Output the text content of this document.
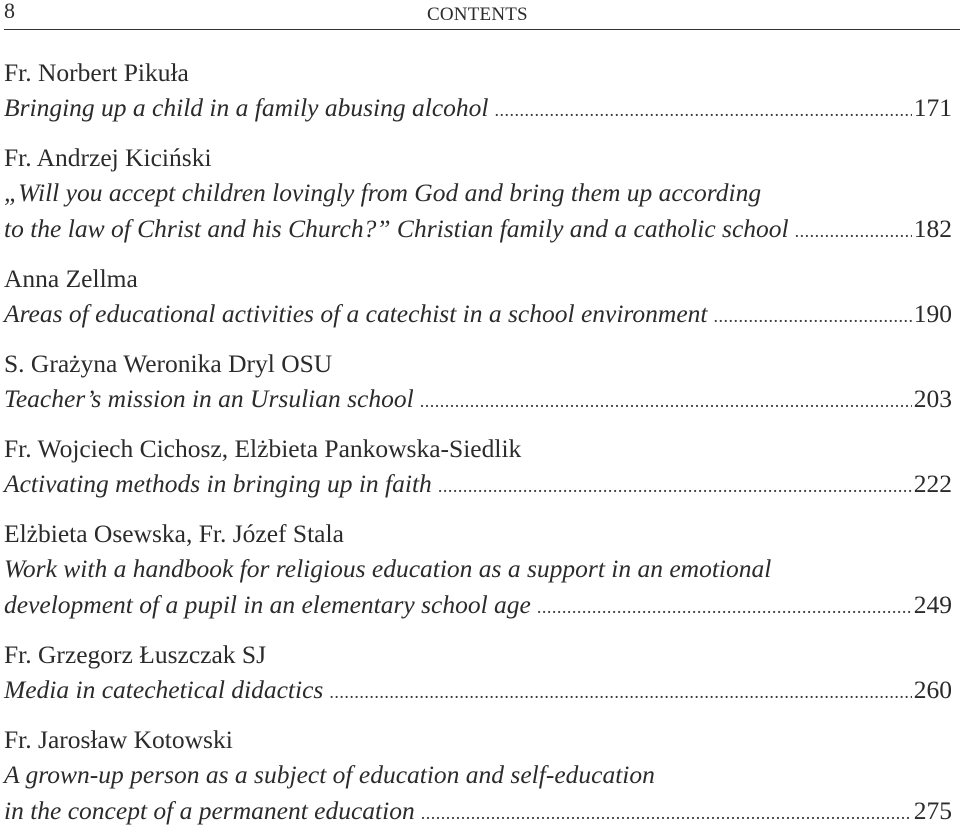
8	CONTENTS
Fr. Norbert Pikuła
Bringing up a child in a family abusing alcohol .....	171
Fr. Andrzej Kiciński
„Will you accept children lovingly from God and bring them up according
to the law of Christ and his Church?” Christian family and a catholic school .....	182
Anna Zellma
Areas of educational activities of a catechist in a school environment .....	190
S. Grażyna Weronika Dryl OSU
Teacher’s mission in an Ursulian school .....	203
Fr. Wojciech Cichosz, Elżbieta Pankowska-Siedlik
Activating methods in bringing up in faith .....	222
Elżbieta Osewska, Fr. Józef Stala
Work with a handbook for religious education as a support in an emotional
development of a pupil in an elementary school age .....	249
Fr. Grzegorz Łuszczak SJ
Media in catechetical didactics .....	260
Fr. Jarosław Kotowski
A grown-up person as a subject of education and self-education
in the concept of a permanent education .....	275
